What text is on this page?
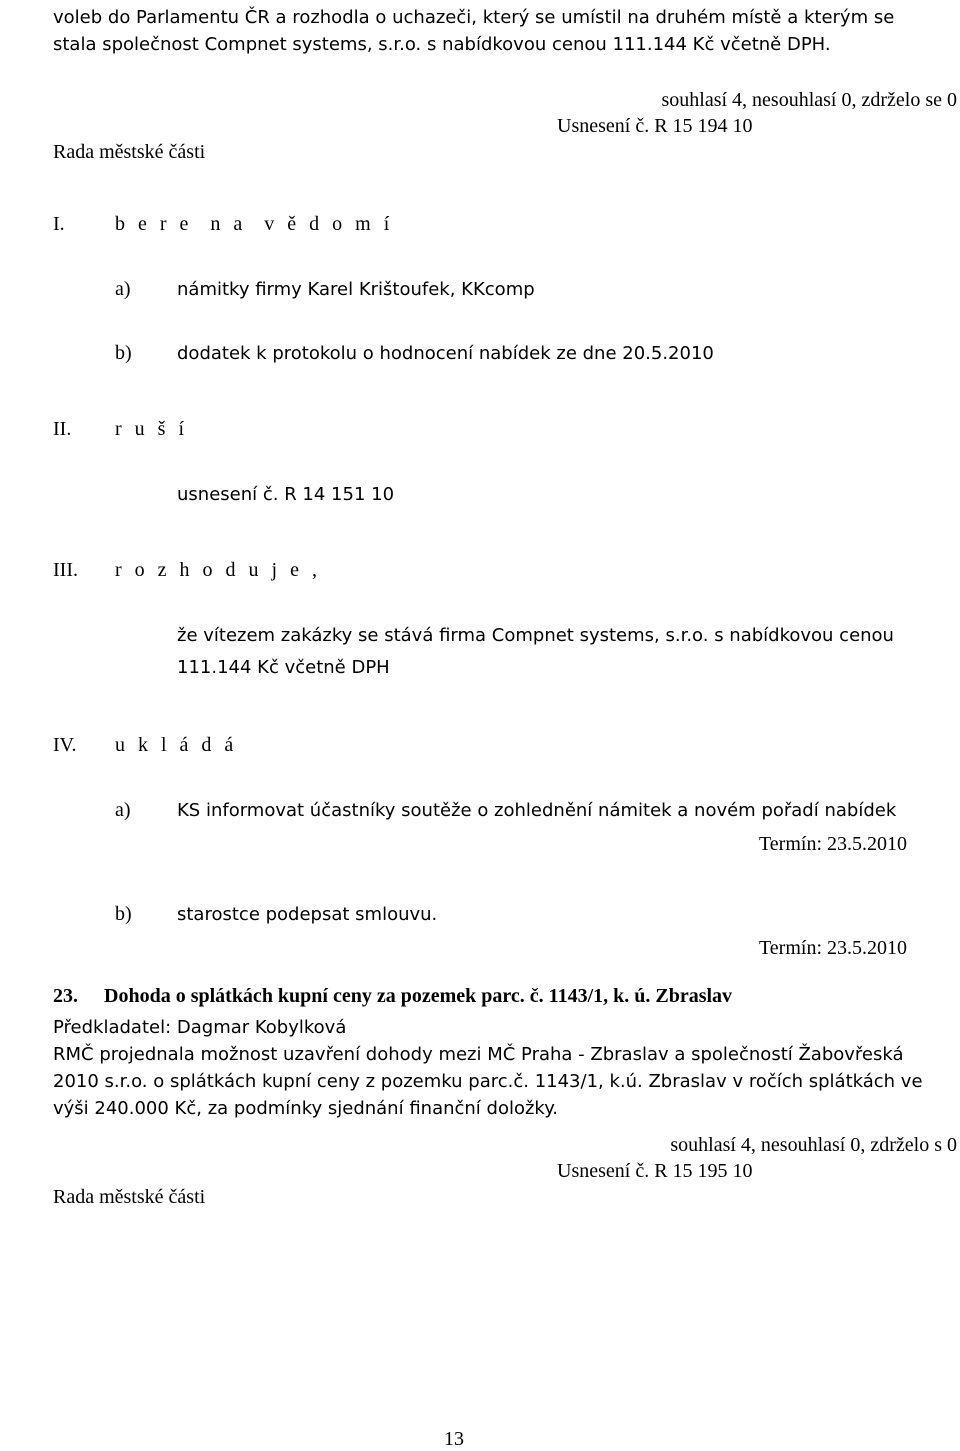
voleb do Parlamentu ČR a rozhodla o uchazeči, který se umístil na druhém místě a kterým se
stala společnost Compnet systems, s.r.o. s nabídkovou cenou 111.144 Kč včetně DPH.
souhlasí 4, nesouhlasí 0, zdrželo se 0
Usnesení č. R 15 194 10
Rada městské části
I.	b e r e  n a  v ě d o m í
a)	námitky firmy Karel Krištoufek, KKcomp
b)	dodatek k protokolu o hodnocení nabídek ze dne 20.5.2010
II. r u š í
usnesení č. R 14 151 10
III. r o z h o d u j e ,
že vítezem zakázky se stává firma Compnet systems, s.r.o. s nabídkovou cenou
111.144 Kč včetně DPH
IV. u k l á d á
a)	KS informovat účastníky soutěže o zohlednění námitek a novém pořadí nabídek
Termín: 23.5.2010
b)	starostce podepsat smlouvu.
Termín: 23.5.2010
23. Dohoda o splátkách kupní ceny za pozemek parc. č. 1143/1, k. ú. Zbraslav
Předkladatel: Dagmar Kobylková
RMČ projednala možnost uzavření dohody mezi MČ Praha - Zbraslav a společností Žabovřeská
2010 s.r.o. o splátkách kupní ceny z pozemku parc.č. 1143/1, k.ú. Zbraslav v ročích splátkách ve
výši 240.000 Kč, za podmínky sjednání finanční doložky.
souhlasí 4, nesouhlasí 0, zdrželo s 0
Usnesení č. R 15 195 10
Rada městské části
13
